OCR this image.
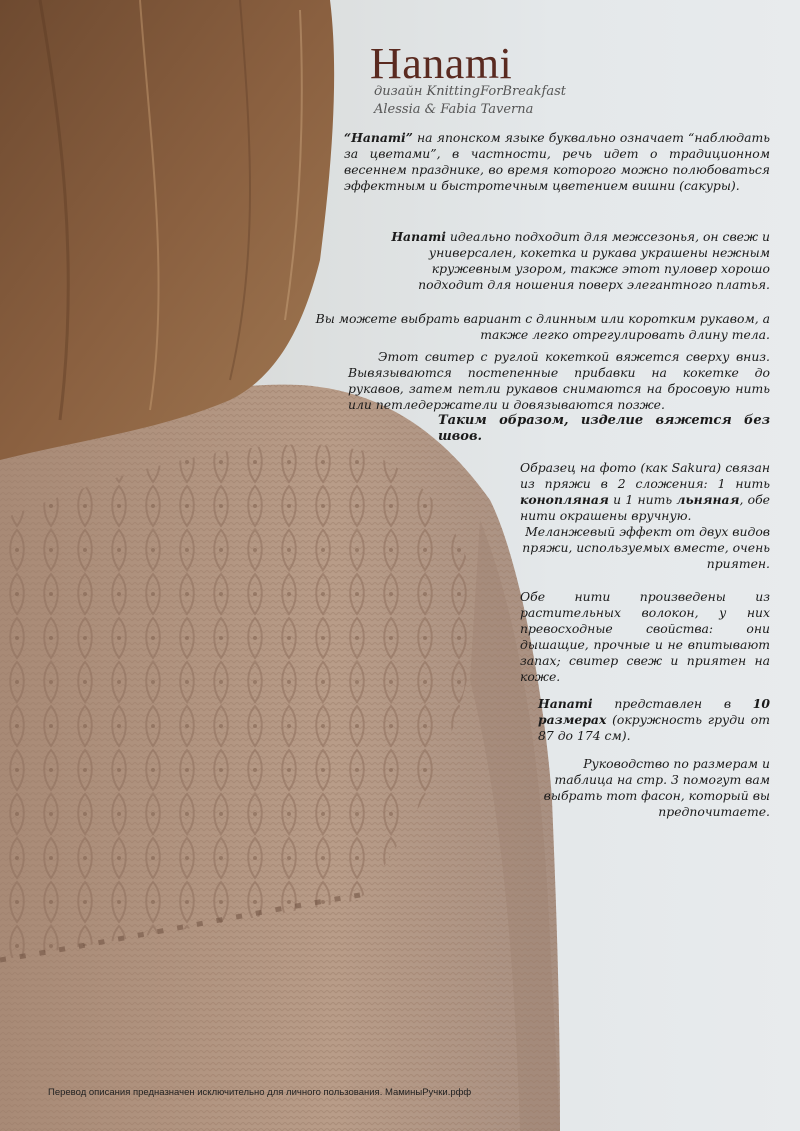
Hanami
дизайн KnittingForBreakfast
Alessia & Fabia Taverna
“Hanami” на японском языке буквально означает “наблюдать за цветами”, в частности, речь идет о традиционном весеннем празднике, во время которого можно полюбоваться эффектным и быстротечным цветением вишни (сакуры).
Hanami идеально подходит для межсезонья, он свеж и универсален, кокетка и рукава украшены нежным кружевным узором, также этот пуловер хорошо подходит для ношения поверх элегантного платья.
Вы можете выбрать вариант с длинным или коротким рукавом, а также легко отрегулировать длину тела.
Этот свитер с руглой кокеткой вяжется сверху вниз. Вывязываются постепенные прибавки на кокетке до рукавов, затем петли рукавов снимаются на бросовую нить или петледержатели и довязываются позже.
Таким образом, изделие вяжется без швов.
Образец на фото (как Sakura) связан из пряжи в 2 сложения: 1 нить конопляная и 1 нить льняная, обе нити окрашены вручную.
Меланжевый эффект от двух видов пряжи, используемых вместе, очень приятен.
Обе нити произведены из растительных волокон, у них превосходные свойства: они дышащие, прочные и не впитывают запах; свитер свеж и приятен на коже.
Hanami представлен в 10 размерах (окружность груди от 87 до 174 см).
Руководство по размерам и таблица на стр. 3 помогут вам выбрать тот фасон, который вы предпочитаете.
Перевод описания предназначен исключительно для личного пользования. МаминыРучки.рфф
